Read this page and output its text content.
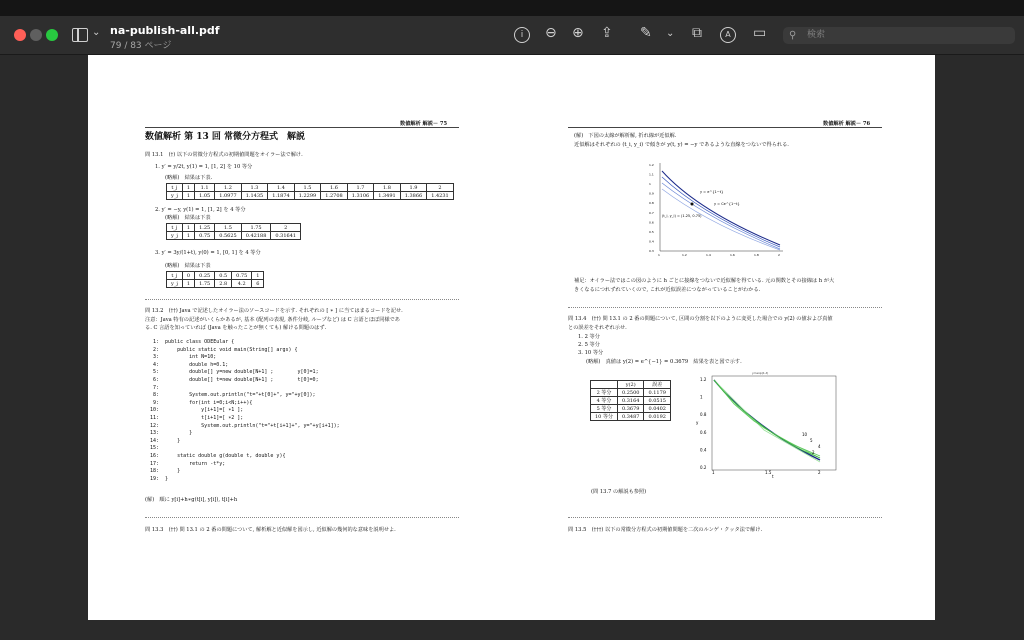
⌄ na-publish-all.pdf
79 / 83 ページ
i	⊖ ⊕ ⇪ ✎ ⌄ ⧉	A	▭ ⚲ 検索
数値解析 解説－ 75
数値解析 第 13 回 常微分方程式　解説
問 13.1　(†) 以下の常微分方程式の初期値問題をオイラー法で解け.
1. y′ = y/2t, y(1) = 1, [1, 2] を 10 等分
(略解)　結果は下表.
t_j	1	1.1	1.2	1.3	1.4	1.5	1.6	1.7	1.8	1.9	2
y_j	1	1.05	1.0977	1.1435	1.1874	1.2299	1.2708	1.3106	1.3491	1.3866	1.4231
2. y′ = −y, y(1) = 1, [1, 2] を 4 等分
(略解)　結果は下表
t_j	1	1.25	1.5	1.75	2
y_j	1	0.75	0.5625	0.42188	0.31641
3. y′ = 3y/(1+t), y(0) = 1, [0, 1] を 4 等分
(略解)　結果は下表
t_j	0	0.25	0.5	0.75	1
y_j	1	1.75	2.8	4.2	6
問 13.2　(††) Java で記述したオイラー法のソースコードを示す. それぞれの [ ∗ ] に当てはまるコードを記せ.
注意：Java 特有の記述がいくらかあるが, 基本 (配列の表現, 条件分岐, ループなど) は C 言語とほぼ同様であ
る. C 言語を知っていれば (Java を触ったことが無くても) 解ける問題のはず.
1:  public class ODEEular {
2:      public static void main(String[] args) {
3:          int N=10;
4:          double h=0.1;
5:          double[] y=new double[N+1] ;        y[0]=1;
6:          double[] t=new double[N+1] ;        t[0]=0;
7:
8:          System.out.println("t="+t[0]+", y="+y[0]);
9:          for(int i=0;i<N;i++){
10:              y[i+1]=[ ∗1 ];
11:              t[i+1]=[ ∗2 ];
12:              System.out.println("t="+t[i+1]+", y="+y[i+1]);
13:          }
14:      }
15:
16:      static double g(double t, double y){
17:          return -t*y;
18:      }
19:  }
(解)　順に y[i]+h∗g(t[i], y[i]), t[i]+h
問 13.3　(††) 問 13.1 の 2 番の問題について, 解析解と近似解を図示し, 近似解の幾何的な意味を説明せよ.
数値解析 解説－ 76
(解)　下図の太線が解析解, 折れ線が近似解.
近似解はそれぞれの (t_i, y_i) で傾きが y(t, y) = −y であるような直線をつないで得られる.
y = e^{1−t}
y = Ce^{1−t}
(t_i, y_i) = (1.25, 0.75)
1	1.2	1.4	1.6	1.8	2
0.3
0.4
0.5
0.6
0.7
0.8
0.9
1
1.1
1.2
補足：オイラー法ではこの図のように h ごとに接線をつないで近似解を得ている. 元の関数とその接線は h が大
きくなるにつれずれていくので, これが近似誤差につながっていることがわかる.
問 13.4　(††) 問 13.1 の 2 番の問題について, 区間の分割を以下のように変更した場合での y(2) の値および真値
との誤差をそれぞれ示せ.
1. 2 等分
2. 5 等分
3. 10 等分
(略解)　真値は y(2) = e^{−1} = 0.3679　結果を表と図で示す.
	y(2)	誤差
2 等分	0.2500	0.1179
4 等分	0.3164	0.0515
5 等分	0.3679	0.0402
10 等分	0.3487	0.0192
y=exp(1-t)
10
5
4
2
1	1.5	2
0.2
0.4
0.6
0.8
1
1.2
t
y
(問 13.7 の解説も参照)
問 13.5　(†††) 以下の常微分方程式の初期値問題を二次のルンゲ・クッタ法で解け.
